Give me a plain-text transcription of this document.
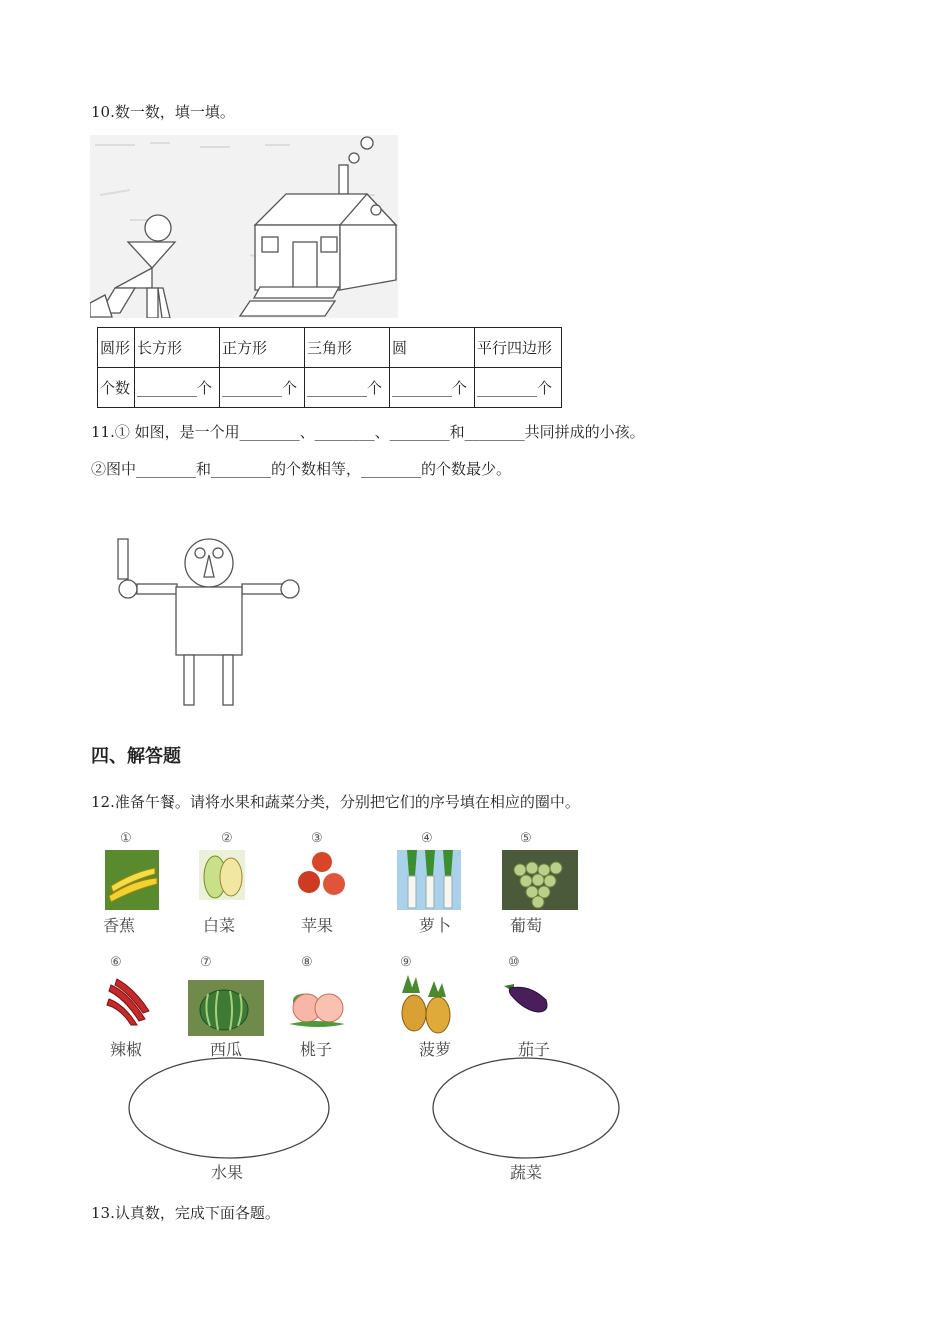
10.数一数，填一填。
圆形	长方形	正方形	三角形	圆	平行四边形
个数	________个	________个	________个	________个	________个
11.① 如图，是一个用________、________、________和________共同拼成的小孩。
②图中________和________的个数相等，________的个数最少。
四、解答题
12.准备午餐。请将水果和蔬菜分类，分别把它们的序号填在相应的圈中。
①	②	③	④	⑤
香蕉	白菜	苹果	萝卜	葡萄
⑥	⑦	⑧	⑨	⑩
辣椒	西瓜	桃子	菠萝	茄子
水果	蔬菜
13.认真数，完成下面各题。
